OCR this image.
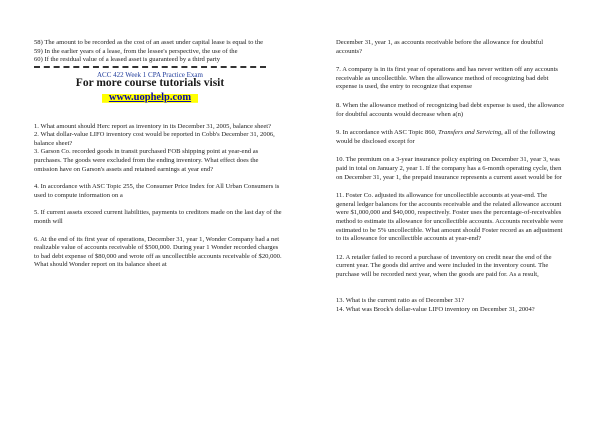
58) The amount to be recorded as the cost of an asset under capital lease is equal to the

59) In the earlier years of a lease, from the lessee's perspective, the use of the

60) If the residual value of a leased asset is guaranteed by a third party

ACC 422 Week 1 CPA Practice Exam

For more course tutorials visit

www.uophelp.com

1. What amount should Herc report as inventory in its December 31, 2005, balance sheet?

2. What dollar-value LIFO inventory cost would be reported in Cobb's December 31, 2006, balance sheet?

3. Garson Co. recorded goods in transit purchased FOB shipping point at year-end as purchases. The goods were excluded from the ending inventory. What effect does the omission have on Garson's assets and retained earnings at year end?

4. In accordance with ASC Topic 255, the Consumer Price Index for All Urban Consumers is used to compute information on a

5. If current assets exceed current liabilities, payments to creditors made on the last day of the month will

6. At the end of its first year of operations, December 31, year 1, Wonder Company had a net realizable value of accounts receivable of $500,000. During year 1 Wonder recorded charges to bad debt expense of $80,000 and wrote off as uncollectible accounts receivable of $20,000. What should Wonder report on its balance sheet at

December 31, year 1, as accounts receivable before the allowance for doubtful accounts?

7. A company is in its first year of operations and has never written off any accounts receivable as uncollectible. When the allowance method of recognizing bad debt expense is used, the entry to recognize that expense

8. When the allowance method of recognizing bad debt expense is used, the allowance for doubtful accounts would decrease when a(n)

9. In accordance with ASC Topic 860, Transfers and Servicing, all of the following would be disclosed except for

10. The premium on a 3-year insurance policy expiring on December 31, year 3, was paid in total on January 2, year 1. If the company has a 6-month operating cycle, then on December 31, year 1, the prepaid insurance represents a current asset would be for

11. Foster Co. adjusted its allowance for uncollectible accounts at year-end. The general ledger balances for the accounts receivable and the related allowance account were $1,000,000 and $40,000, respectively. Foster uses the percentage-of-receivables method to estimate its allowance for uncollectible accounts. Accounts receivable were estimated to be 5% uncollectible. What amount should Foster record as an adjustment to its allowance for uncollectible accounts at year-end?

12. A retailer failed to record a purchase of inventory on credit near the end of the current year. The goods did arrive and were included in the inventory count. The purchase will be recorded next year, when the goods are paid for. As a result,

13. What is the current ratio as of December 31?

14. What was Brock's dollar-value LIFO inventory on December 31, 2004?
